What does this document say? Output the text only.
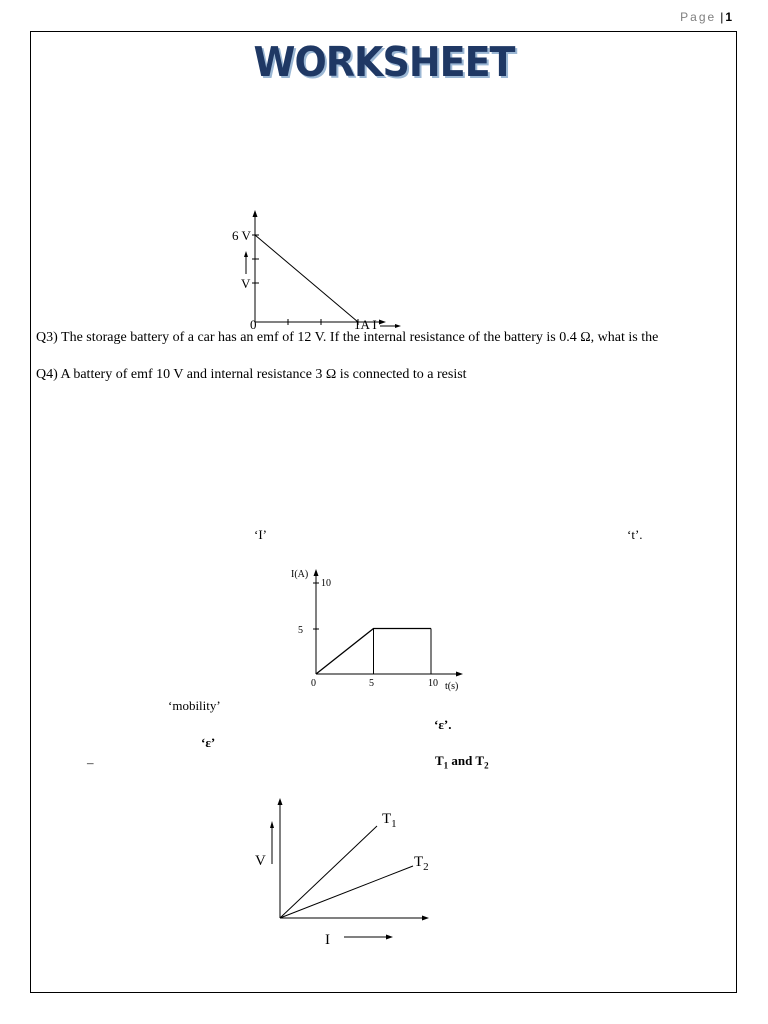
Page | 1
WORKSHEET
6 V
V
0	1A I
Q3) The storage battery of a car has an emf of 12 V. If the internal resistance of the battery is 0.4 Ω, what is the
Q4) A battery of emf 10 V and internal resistance 3 Ω is connected to a resist
‘I’	‘t’.
I(A)
10
5
0	5	10 t(s)
‘mobility’
‘ε’.
‘ε’
–	$T_1$ and $T_2$
V
I
$T_1$
$T_2$
